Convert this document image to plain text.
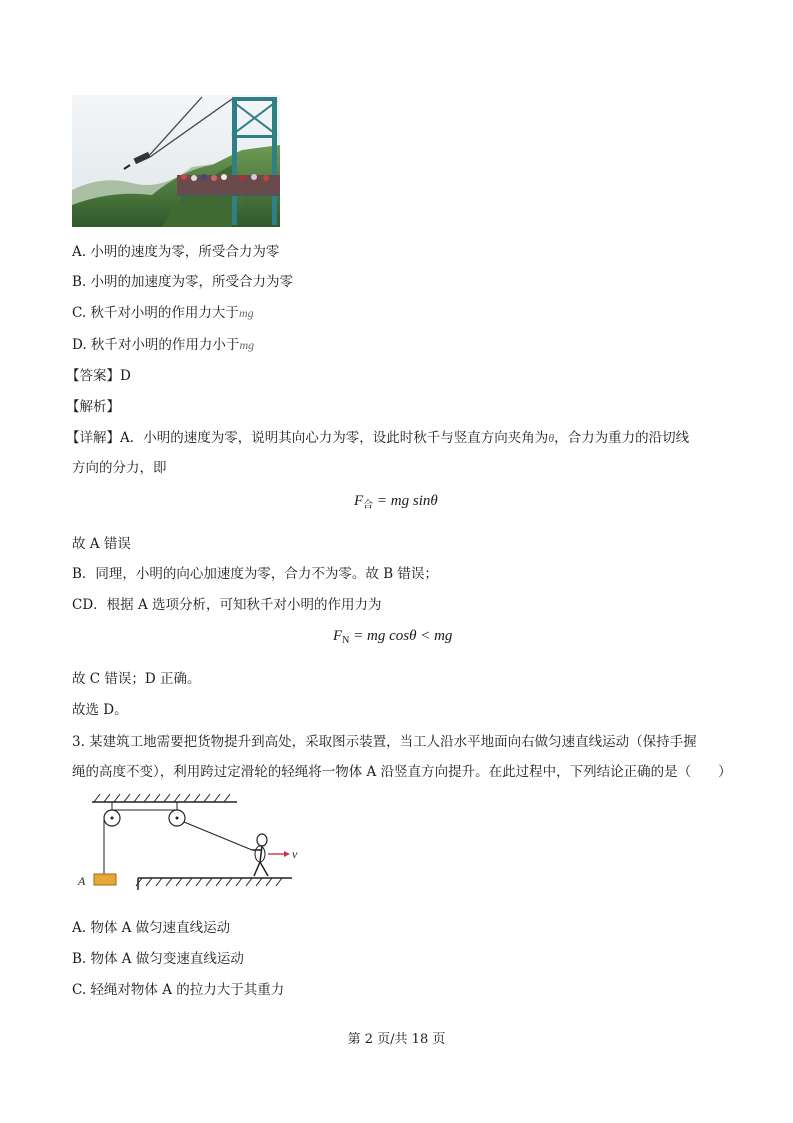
A. 小明的速度为零，所受合力为零
B. 小明的加速度为零，所受合力为零
C. 秋千对小明的作用力大于mg
D. 秋千对小明的作用力小于mg
【答案】D
【解析】
【详解】A．小明的速度为零，说明其向心力为零，设此时秋千与竖直方向夹角为θ，合力为重力的沿切线
方向的分力，即
$F_合$ = mg sinθ
故 A 错误
B．同理，小明的向心加速度为零，合力不为零。故 B 错误；
CD．根据 A 选项分析，可知秋千对小明的作用力为
$F_N$ = mg cosθ < mg
故 C 错误；D 正确。
故选 D。
3. 某建筑工地需要把货物提升到高处，采取图示装置，当工人沿水平地面向右做匀速直线运动（保持手握
绳的高度不变），利用跨过定滑轮的轻绳将一物体 A 沿竖直方向提升。在此过程中，下列结论正确的是（　　）
A
v
A. 物体 A 做匀速直线运动
B. 物体 A 做匀变速直线运动
C. 轻绳对物体 A 的拉力大于其重力
第 2 页/共 18 页
